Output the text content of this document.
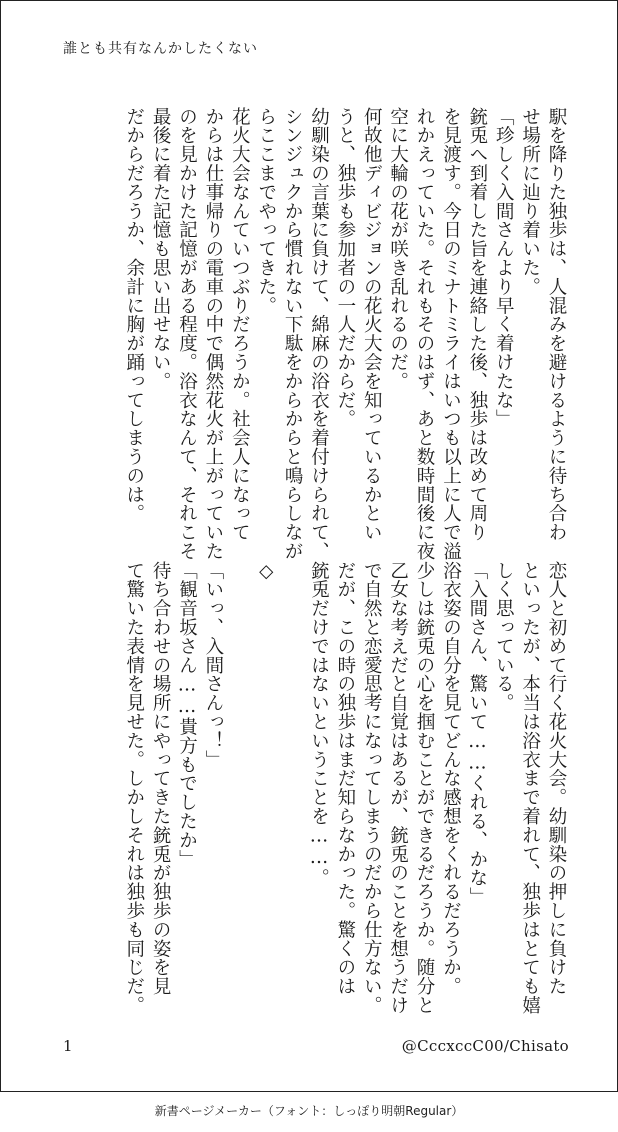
誰とも共有なんかしたくない
駅を降りた独歩は、人混みを避けるように待ち合わ
せ場所に辿り着いた。
「珍しく入間さんより早く着けたな」
銃兎へ到着した旨を連絡した後、独歩は改めて周り
を見渡す。今日のミナトミライはいつも以上に人で溢
れかえっていた。それもそのはず、あと数時間後に夜
空に大輪の花が咲き乱れるのだ。
何故他ディビジョンの花火大会を知っているかとい
うと、独歩も参加者の一人だからだ。
幼馴染の言葉に負けて、綿麻の浴衣を着付けられて、
シンジュクから慣れない下駄をからからと鳴らしなが
らここまでやってきた。
花火大会なんていつぶりだろうか。社会人になって
からは仕事帰りの電車の中で偶然花火が上がっていた
のを見かけた記憶がある程度。浴衣なんて、それこそ
最後に着た記憶も思い出せない。
だからだろうか、余計に胸が踊ってしまうのは。
恋人と初めて行く花火大会。幼馴染の押しに負けた
といったが、本当は浴衣まで着れて、独歩はとても嬉
しく思っている。
「入間さん、驚いて……くれる、かな」
浴衣姿の自分を見てどんな感想をくれるだろうか。
少しは銃兎の心を掴むことができるだろうか。随分と
乙女な考えだと自覚はあるが、銃兎のことを想うだけ
で自然と恋愛思考になってしまうのだから仕方ない。
だが、この時の独歩はまだ知らなかった。驚くのは
銃兎だけではないということを……。
◇
「いっ、入間さんっ！」
「観音坂さん……貴方もでしたか」
待ち合わせの場所にやってきた銃兎が独歩の姿を見
て驚いた表情を見せた。しかしそれは独歩も同じだ。
1	@CccxccC00/Chisato
新書ページメーカー（フォント：しっぽり明朝Regular）
